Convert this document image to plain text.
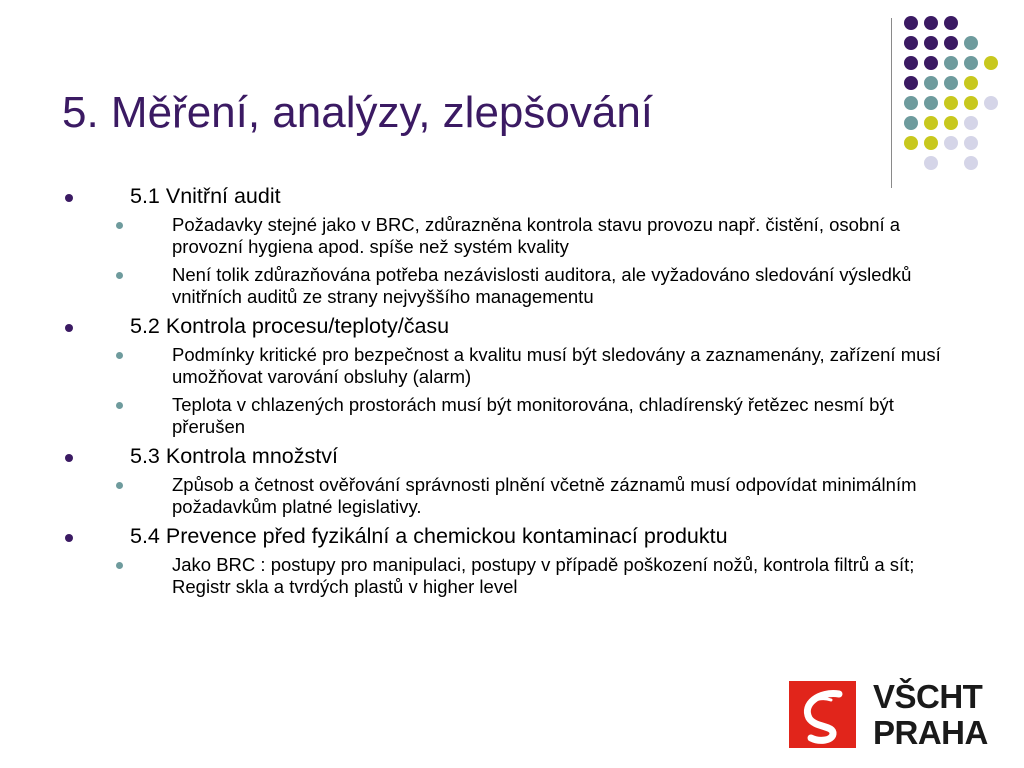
5. Měření, analýzy, zlepšování
5.1 Vnitřní audit
Požadavky stejné jako v BRC, zdůrazněna kontrola stavu provozu např. čistění, osobní a provozní hygiena apod. spíše než systém kvality
Není tolik zdůrazňována potřeba nezávislosti auditora, ale vyžadováno sledování výsledků vnitřních auditů ze strany nejvyššího managementu
5.2 Kontrola procesu/teploty/času
Podmínky kritické pro bezpečnost a kvalitu musí být sledovány a zaznamenány, zařízení musí umožňovat varování obsluhy (alarm)
Teplota v chlazených prostorách musí být monitorována, chladírenský řetězec nesmí být přerušen
5.3 Kontrola množství
Způsob a četnost ověřování správnosti plnění včetně záznamů musí odpovídat minimálním požadavkům platné legislativy.
5.4 Prevence před fyzikální a chemickou kontaminací produktu
Jako BRC : postupy pro manipulaci, postupy v případě poškození nožů, kontrola filtrů a sít; Registr skla a tvrdých plastů v higher level
VŠCHT
PRAHA
